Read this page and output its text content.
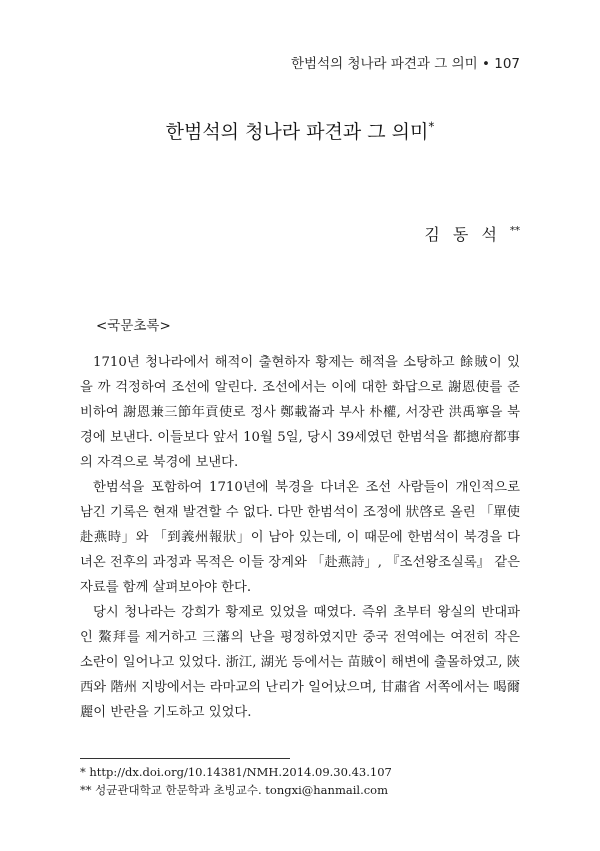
한범석의 청나라 파견과 그 의미 • 107
한범석의 청나라 파견과 그 의미*
김 동 석 **
<국문초록>

1710년 청나라에서 해적이 출현하자 황제는 해적을 소탕하고 餘賊이 있을 까 걱정하여 조선에 알린다. 조선에서는 이에 대한 화답으로 謝恩使를 준비하여 謝恩兼三節年貢使로 정사 鄭載崙과 부사 朴權, 서장관 洪禹寧을 북경에 보낸다. 이들보다 앞서 10월 5일, 당시 39세였던 한범석을 都摠府都事의 자격으로 북경에 보낸다.

한범석을 포함하여 1710년에 북경을 다녀온 조선 사람들이 개인적으로 남긴 기록은 현재 발견할 수 없다. 다만 한범석이 조정에 狀啓로 올린 「單使赴燕時」와 「到義州報狀」이 남아 있는데, 이 때문에 한범석이 북경을 다녀온 전후의 과정과 목적은 이들 장계와 「赴燕詩」, 『조선왕조실록』 같은 자료를 함께 살펴보아야 한다.

당시 청나라는 강희가 황제로 있었을 때였다. 즉위 초부터 왕실의 반대파인 鰲拜를 제거하고 三藩의 난을 평정하였지만 중국 전역에는 여전히 작은 소란이 일어나고 있었다. 浙江, 湖光 등에서는 苗賊이 해변에 출몰하였고, 陝西와 階州 지방에서는 라마교의 난리가 일어났으며, 甘肅省 서쪽에서는 喝爾麗이 반란을 기도하고 있었다.

* http://dx.doi.org/10.14381/NMH.2014.09.30.43.107
** 성균관대학교 한문학과 초빙교수. tongxi@hanmail.com
